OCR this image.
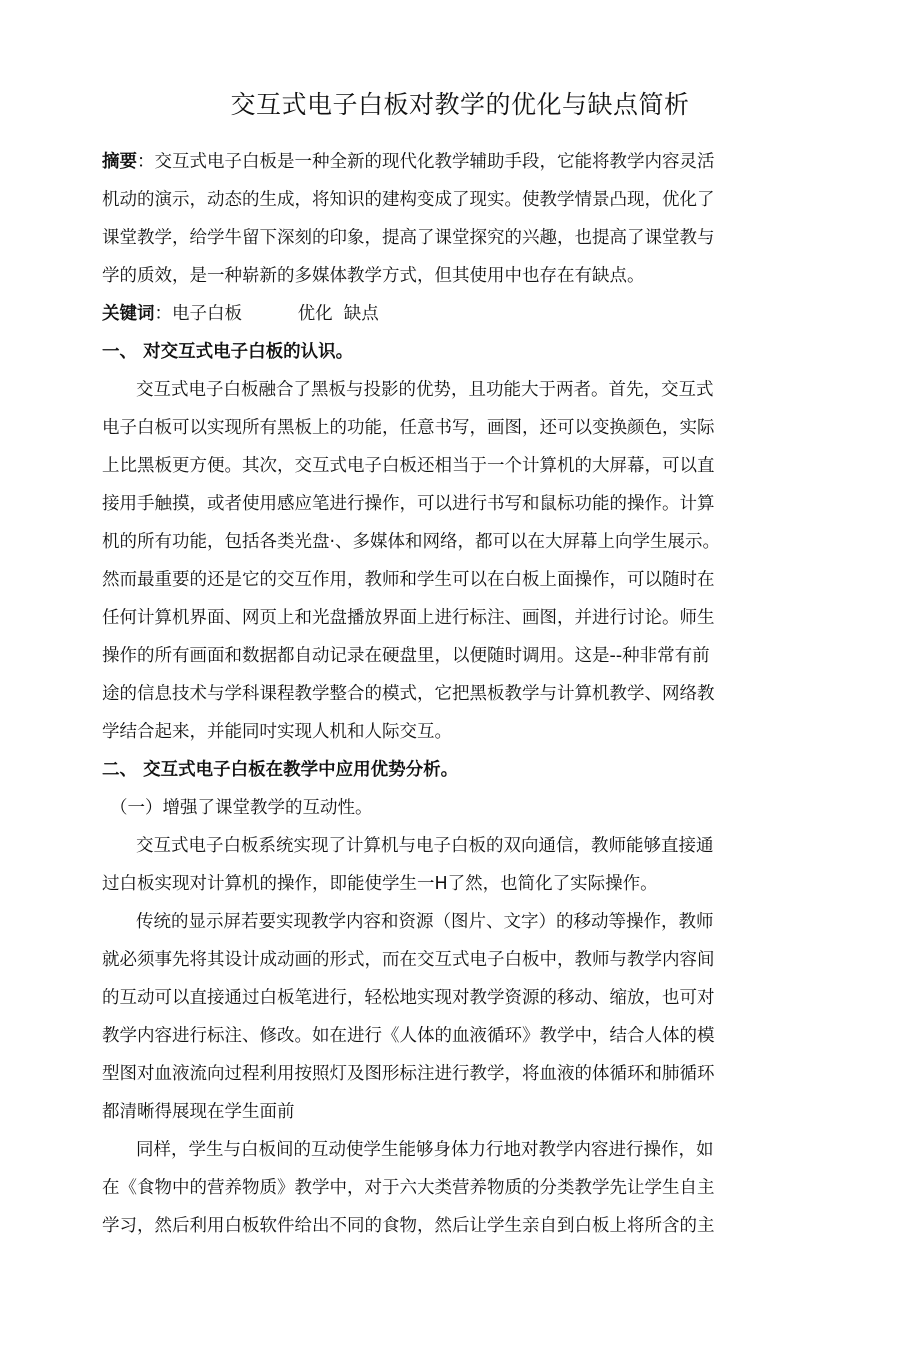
交互式电子白板对教学的优化与缺点简析
摘要：交互式电子白板是一种全新的现代化教学辅助手段，它能将教学内容灵活
机动的演示，动态的生成，将知识的建构变成了现实。使教学情景凸现，优化了
课堂教学，给学牛留下深刻的印象，提高了课堂探究的兴趣，也提高了课堂教与
学的质效，是一种崭新的多媒体教学方式，但其使用中也存在有缺点。
关键词：电子白板          优化  缺点
一、 对交互式电子白板的认识。
交互式电子白板融合了黑板与投影的优势，且功能大于两者。首先，交互式
电子白板可以实现所有黑板上的功能，任意书写，画图，还可以变换颜色，实际
上比黑板更方便。其次，交互式电子白板还相当于一个计算机的大屏幕，可以直
接用手触摸，或者使用感应笔进行操作，可以进行书写和鼠标功能的操作。计算
机的所有功能，包括各类光盘·、多媒体和网络，都可以在大屏幕上向学生展示。
然而最重要的还是它的交互作用，教师和学生可以在白板上面操作，可以随时在
任何计算机界面、网页上和光盘播放界面上进行标注、画图，并进行讨论。师生
操作的所有画面和数据都自动记录在硬盘里，以便随时调用。这是--种非常有前
途的信息技术与学科课程教学整合的模式，它把黑板教学与计算机教学、网络教
学结合起来，并能同吋实现人机和人际交互。
二、 交互式电子白板在教学中应用优势分析。
（一）增强了课堂教学的互动性。
交互式电子白板系统实现了计算机与电子白板的双向通信，教师能够直接通
过白板实现对计算机的操作，即能使学生一H了然，也简化了实际操作。
传统的显示屏若要实现教学内容和资源（图片、文字）的移动等操作，教师
就必须事先将其设计成动画的形式，而在交互式电子白板中，教师与教学内容间
的互动可以直接通过白板笔进行，轻松地实现对教学资源的移动、缩放，也可对
教学内容进行标注、修改。如在进行《人体的血液循环》教学中，结合人体的模
型图对血液流向过程利用按照灯及图形标注进行教学，将血液的体循环和肺循环
都清晰得展现在学生面前
同样，学生与白板间的互动使学生能够身体力行地对教学内容进行操作，如
在《食物中的营养物质》教学中，对于六大类营养物质的分类教学先让学生自主
学习，然后利用白板软件给出不同的食物，然后让学生亲自到白板上将所含的主
